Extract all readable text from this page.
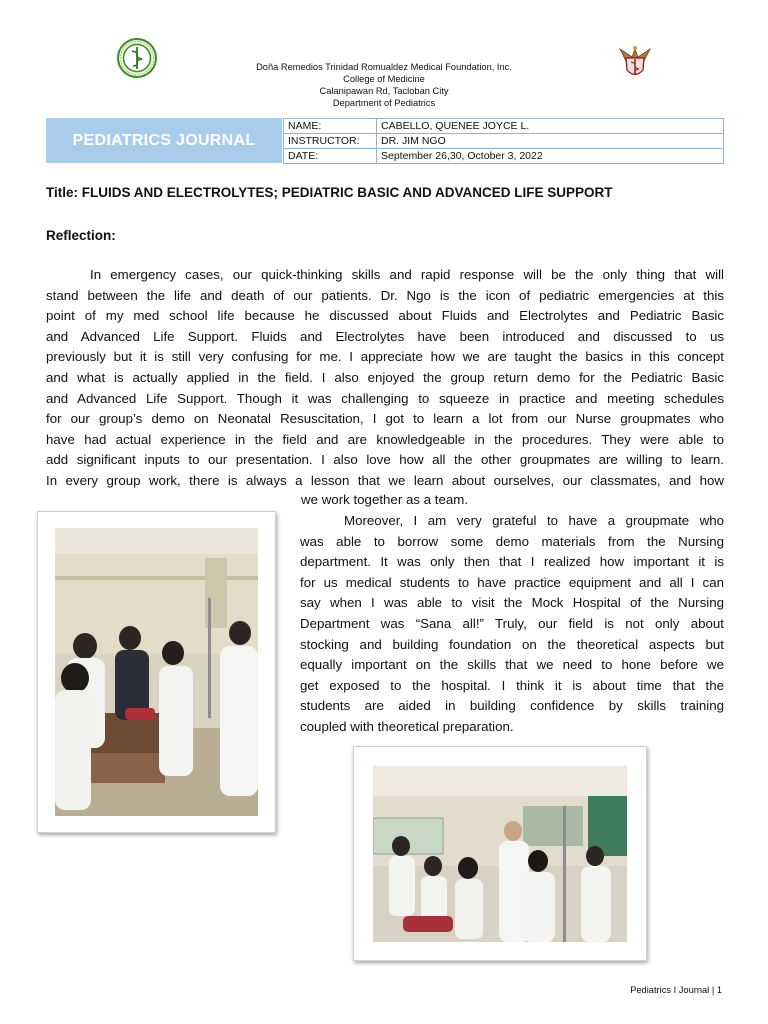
Doña Remedios Trinidad Romualdez Medical Foundation, Inc.
College of Medicine
Calanipawan Rd, Tacloban City
Department of Pediatrics
PEDIATRICS JOURNAL
NAME:	CABELLO, QUENEE JOYCE L.
INSTRUCTOR:	DR. JIM NGO
DATE:	September 26,30, October 3, 2022
Title: FLUIDS AND ELECTROLYTES; PEDIATRIC BASIC AND ADVANCED LIFE SUPPORT
Reflection:
In emergency cases, our quick-thinking skills and rapid response will be the only thing that will
stand between the life and death of our patients. Dr. Ngo is the icon of pediatric emergencies at this
point of my med school life because he discussed about Fluids and Electrolytes and Pediatric Basic
and Advanced Life Support. Fluids and Electrolytes have been introduced and discussed to us
previously but it is still very confusing for me. I appreciate how we are taught the basics in this concept
and what is actually applied in the field. I also enjoyed the group return demo for the Pediatric Basic
and Advanced Life Support. Though it was challenging to squeeze in practice and meeting schedules
for our group’s demo on Neonatal Resuscitation, I got to learn a lot from our Nurse groupmates who
have had actual experience in the field and are knowledgeable in the procedures. They were able to
add significant inputs to our presentation. I also love how all the other groupmates are willing to learn.
In every group work, there is always a lesson that we learn about ourselves, our classmates, and how
we work together as a team.
Moreover, I am very grateful to have a groupmate who
was able to borrow some demo materials from the Nursing
department. It was only then that I realized how important it is
for us medical students to have practice equipment and all I can
say when I was able to visit the Mock Hospital of the Nursing
Department was “Sana all!” Truly, our field is not only about
stocking and building foundation on the theoretical aspects but
equally important on the skills that we need to hone before we
get exposed to the hospital. I think it is about time that the
students are aided in building confidence by skills training
coupled with theoretical preparation.
Pediatrics I Journal | 1
